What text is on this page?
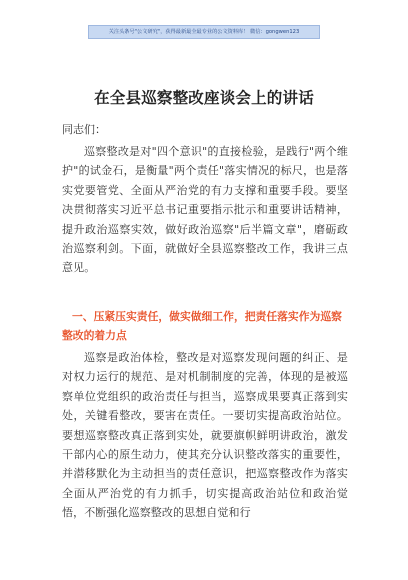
关注头条号"公文研究"，获得最新最全最专业的公文资料库！ 微信：gongwen123
在全县巡察整改座谈会上的讲话
同志们：
巡察整改是对"四个意识"的直接检验，是践行"两个维护"的试金石，是衡量"两个责任"落实情况的标尺，也是落实党要管党、全面从严治党的有力支撑和重要手段。要坚决贯彻落实习近平总书记重要指示批示和重要讲话精神，提升政治巡察实效，做好政治巡察"后半篇文章"，磨砺政治巡察利剑。下面，就做好全县巡察整改工作，我讲三点意见。
一、压紧压实责任，做实做细工作，把责任落实作为巡察整改的着力点
巡察是政治体检，整改是对巡察发现问题的纠正、是对权力运行的规范、是对机制制度的完善，体现的是被巡察单位党组织的政治责任与担当，巡察成果要真正落到实处，关键看整改，要害在责任。一要切实提高政治站位。要想巡察整改真正落到实处，就要旗帜鲜明讲政治，激发干部内心的原生动力，使其充分认识整改落实的重要性，并潜移默化为主动担当的责任意识，把巡察整改作为落实全面从严治党的有力抓手，切实提高政治站位和政治觉悟，不断强化巡察整改的思想自觉和行
